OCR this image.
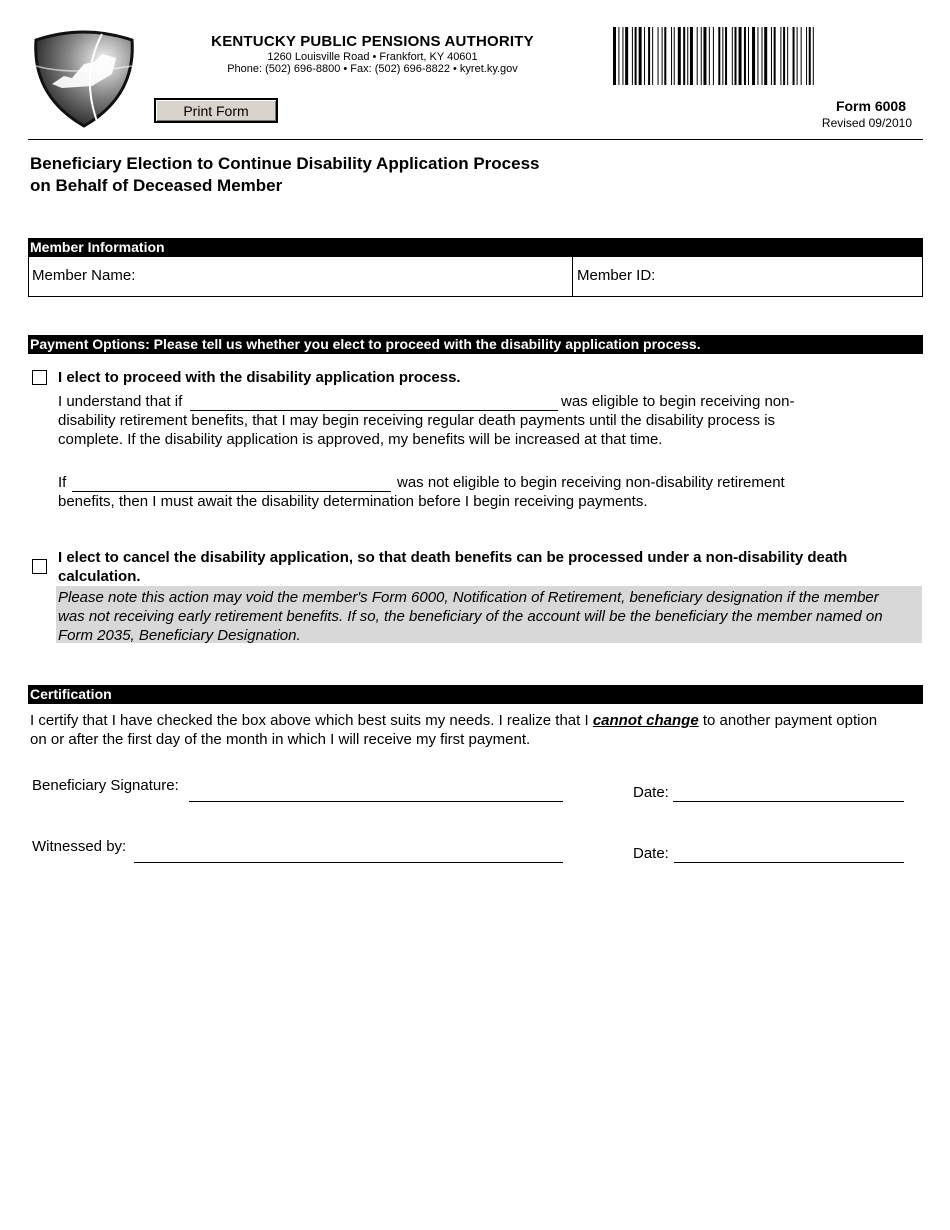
KENTUCKY PUBLIC PENSIONS AUTHORITY
1260 Louisville Road • Frankfort, KY 40601
Phone: (502) 696-8800 • Fax: (502) 696-8822 • kyret.ky.gov
Print Form	Form 6008
Revised 09/2010
Beneficiary Election to Continue Disability Application Process
on Behalf of Deceased Member
Member Information
Member Name:	Member ID:
Payment Options: Please tell us whether you elect to proceed with the disability application process.
I elect to proceed with the disability application process.
I understand that if	was eligible to begin receiving non-
disability retirement benefits, that I may begin receiving regular death payments until the disability process is
complete. If the disability application is approved, my benefits will be increased at that time.
If	was not eligible to begin receiving non-disability retirement
benefits, then I must await the disability determination before I begin receiving payments.
I elect to cancel the disability application, so that death benefits can be processed under a non-disability death
calculation.
Please note this action may void the member's Form 6000, Notification of Retirement, beneficiary designation if the member
was not receiving early retirement benefits. If so, the beneficiary of the account will be the beneficiary the member named on
Form 2035, Beneficiary Designation.
Certification
I certify that I have checked the box above which best suits my needs. I realize that I cannot change to another payment option
on or after the first day of the month in which I will receive my first payment.
Beneficiary Signature:	Date:
Witnessed by:	Date:
